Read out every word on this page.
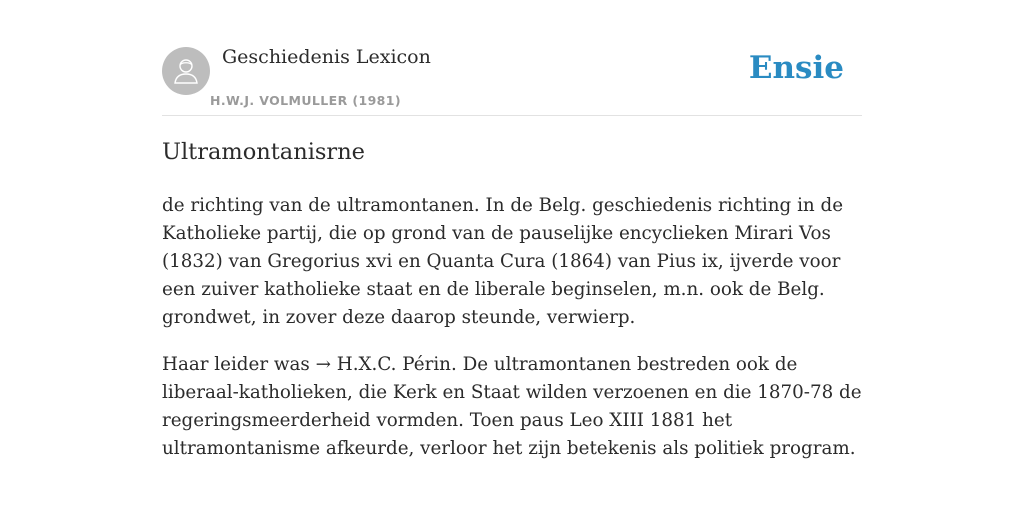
Geschiedenis Lexicon
H.W.J. VOLMULLER (1981)
Ensie
Ultramontanisrne

de richting van de ultramontanen. In de Belg. geschiedenis richting in de Katholieke partij, die op grond van de pauselijke encyclieken Mirari Vos (1832) van Gregorius xvi en Quanta Cura (1864) van Pius ix, ijverde voor een zuiver katholieke staat en de liberale beginselen, m.n. ook de Belg. grondwet, in zover deze daarop steunde, verwierp.

Haar leider was → H.X.C. Périn. De ultramontanen bestreden ook de liberaal-katholieken, die Kerk en Staat wilden verzoenen en die 1870-78 de regeringsmeerderheid vormden. Toen paus Leo XIII 1881 het ultramontanisme afkeurde, verloor het zijn betekenis als politiek program.
